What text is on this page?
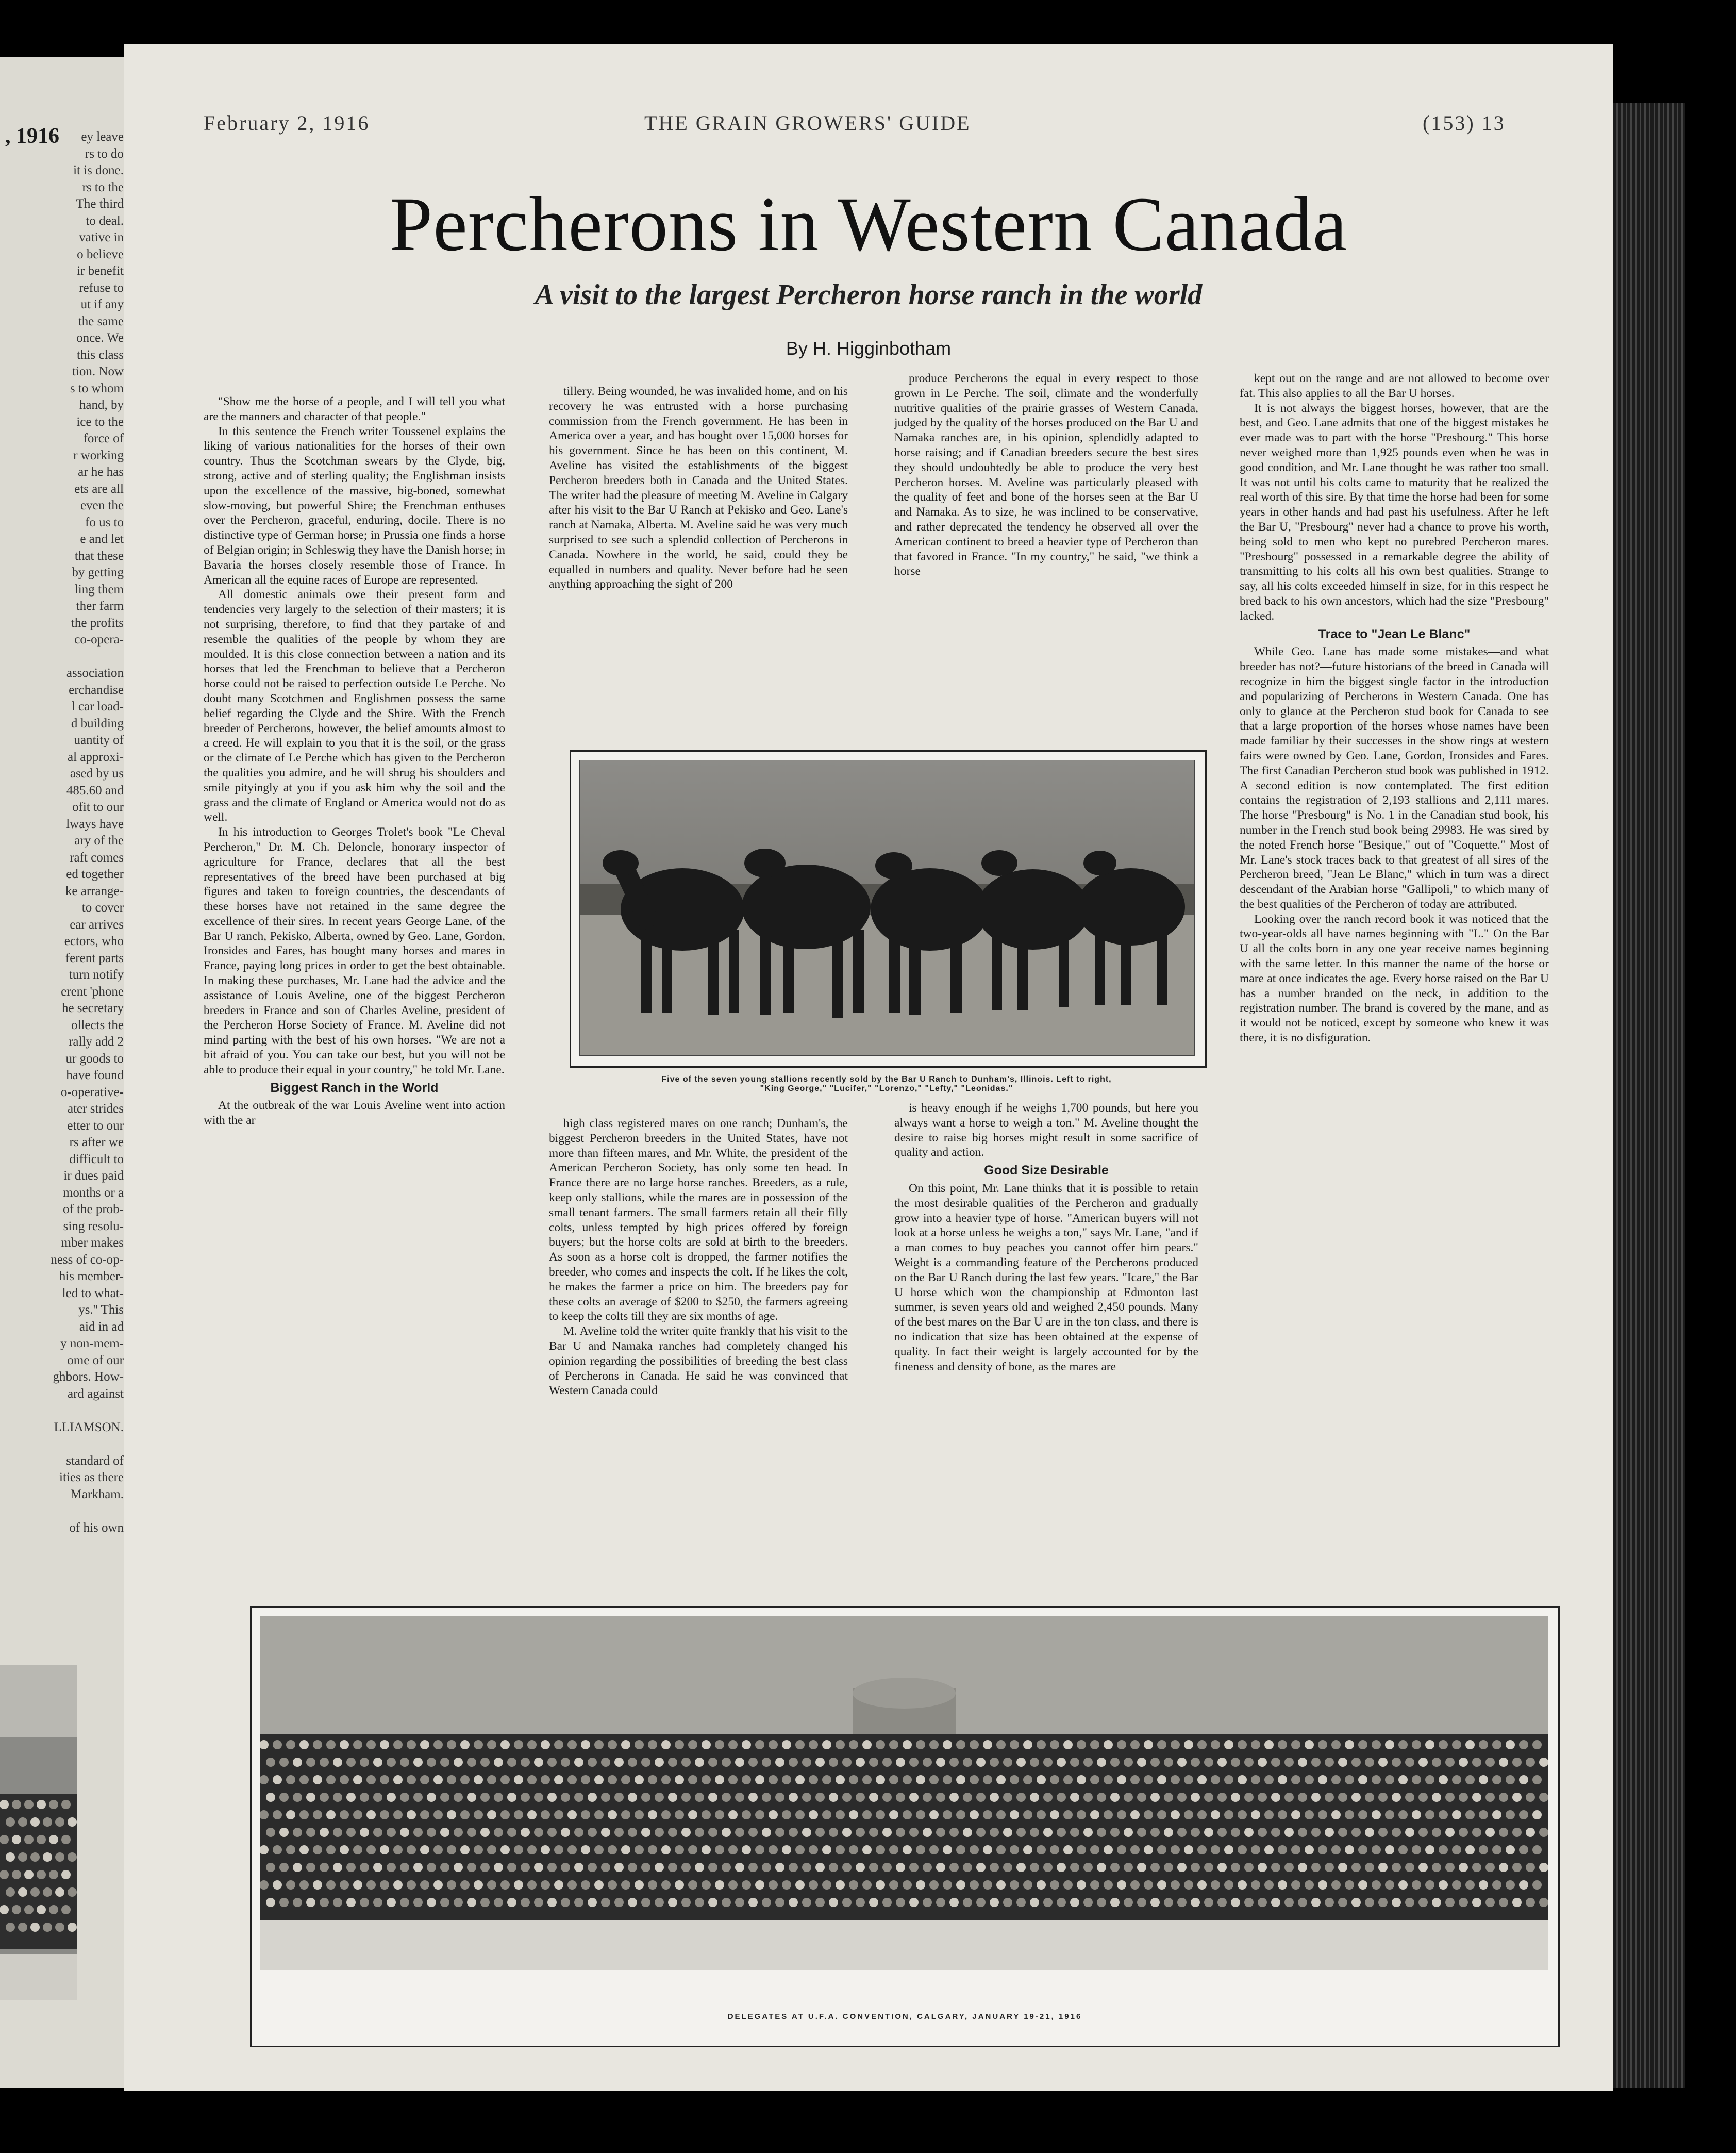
, 1916	ey leave
rs to do
it is done.
rs to the
The third
to deal.
vative in
o believe
ir benefit
refuse to
ut if any
the same
once. We
this class
tion. Now
s to whom
hand, by
ice to the
force of
r working
ar he has
ets are all
even the
fo us to
e and let
that these
by getting
ling them
ther farm
the profits
co-opera-
association
erchandise
l car load-
d building
uantity of
al approxi-
ased by us
485.60 and
ofit to our
lways have
ary of the
raft comes
ed together
ke arrange-
to cover
ear arrives
ectors, who
ferent parts
turn notify
erent 'phone
he secretary
ollects the
rally add 2
ur goods to
have found
o-operative-
ater strides
etter to our
rs after we
difficult to
ir dues paid
months or a
of the prob-
sing resolu-
mber makes
ness of co-op-
his member-
led to what-
ys.'' This
aid in ad
y non-mem-
ome of our
ghbors. How-
ard against
LLIAMSON.
standard of
ities as there
Markham.
of his own
February 2, 1916	THE GRAIN GROWERS' GUIDE	(153) 13
Percherons in Western Canada
A visit to the largest Percheron horse ranch in the world
By H. Higginbotham

"Show me the horse of a people, and I will tell you what are the manners and character of that people."

In this sentence the French writer Toussenel explains the liking of various nationalities for the horses of their own country. Thus the Scotchman swears by the Clyde, big, strong, active and of sterling quality; the Englishman insists upon the excellence of the massive, big-boned, somewhat slow-moving, but powerful Shire; the Frenchman enthuses over the Percheron, graceful, enduring, docile. There is no distinctive type of German horse; in Prussia one finds a horse of Belgian origin; in Schleswig they have the Danish horse; in Bavaria the horses closely resemble those of France. In American all the equine races of Europe are represented.

All domestic animals owe their present form and tendencies very largely to the selection of their masters; it is not surprising, therefore, to find that they partake of and resemble the qualities of the people by whom they are moulded. It is this close connection between a nation and its horses that led the Frenchman to believe that a Percheron horse could not be raised to perfection outside Le Perche. No doubt many Scotchmen and Englishmen possess the same belief regarding the Clyde and the Shire. With the French breeder of Percherons, however, the belief amounts almost to a creed. He will explain to you that it is the soil, or the grass or the climate of Le Perche which has given to the Percheron the qualities you admire, and he will shrug his shoulders and smile pityingly at you if you ask him why the soil and the grass and the climate of England or America would not do as well.

In his introduction to Georges Trolet's book "Le Cheval Percheron," Dr. M. Ch. Deloncle, honorary inspector of agriculture for France, declares that all the best representatives of the breed have been purchased at big figures and taken to foreign countries, the descendants of these horses have not retained in the same degree the excellence of their sires. In recent years George Lane, of the Bar U ranch, Pekisko, Alberta, owned by Geo. Lane, Gordon, Ironsides and Fares, has bought many horses and mares in France, paying long prices in order to get the best obtainable. In making these purchases, Mr. Lane had the advice and the assistance of Louis Aveline, one of the biggest Percheron breeders in France and son of Charles Aveline, president of the Percheron Horse Society of France. M. Aveline did not mind parting with the best of his own horses. "We are not a bit afraid of you. You can take our best, but you will not be able to produce their equal in your country," he told Mr. Lane.

Biggest Ranch in the World

At the outbreak of the war Louis Aveline went into action with the ar

tillery. Being wounded, he was invalided home, and on his recovery he was entrusted with a horse purchasing commission from the French government. He has been in America over a year, and has bought over 15,000 horses for his government. Since he has been on this continent, M. Aveline has visited the establishments of the biggest Percheron breeders both in Canada and the United States. The writer had the pleasure of meeting M. Aveline in Calgary after his visit to the Bar U Ranch at Pekisko and Geo. Lane's ranch at Namaka, Alberta. M. Aveline said he was very much surprised to see such a splendid collection of Percherons in Canada. Nowhere in the world, he said, could they be equalled in numbers and quality. Never before had he seen anything approaching the sight of 200

produce Percherons the equal in every respect to those grown in Le Perche. The soil, climate and the wonderfully nutritive qualities of the prairie grasses of Western Canada, judged by the quality of the horses produced on the Bar U and Namaka ranches are, in his opinion, splendidly adapted to horse raising; and if Canadian breeders secure the best sires they should undoubtedly be able to produce the very best Percheron horses. M. Aveline was particularly pleased with the quality of feet and bone of the horses seen at the Bar U and Namaka. As to size, he was inclined to be conservative, and rather deprecated the tendency he observed all over the American continent to breed a heavier type of Percheron than that favored in France. "In my country," he said, "we think a horse

Five of the seven young stallions recently sold by the Bar U Ranch to Dunham's, Illinois. Left to right,
"King George," "Lucifer," "Lorenzo," "Lefty," "Leonidas."

high class registered mares on one ranch; Dunham's, the biggest Percheron breeders in the United States, have not more than fifteen mares, and Mr. White, the president of the American Percheron Society, has only some ten head. In France there are no large horse ranches. Breeders, as a rule, keep only stallions, while the mares are in possession of the small tenant farmers. The small farmers retain all their filly colts, unless tempted by high prices offered by foreign buyers; but the horse colts are sold at birth to the breeders. As soon as a horse colt is dropped, the farmer notifies the breeder, who comes and inspects the colt. If he likes the colt, he makes the farmer a price on him. The breeders pay for these colts an average of $200 to $250, the farmers agreeing to keep the colts till they are six months of age.

M. Aveline told the writer quite frankly that his visit to the Bar U and Namaka ranches had completely changed his opinion regarding the possibilities of breeding the best class of Percherons in Canada. He said he was convinced that Western Canada could

is heavy enough if he weighs 1,700 pounds, but here you always want a horse to weigh a ton." M. Aveline thought the desire to raise big horses might result in some sacrifice of quality and action.

Good Size Desirable

On this point, Mr. Lane thinks that it is possible to retain the most desirable qualities of the Percheron and gradually grow into a heavier type of horse. "American buyers will not look at a horse unless he weighs a ton," says Mr. Lane, "and if a man comes to buy peaches you cannot offer him pears." Weight is a commanding feature of the Percherons produced on the Bar U Ranch during the last few years. "Icare," the Bar U horse which won the championship at Edmonton last summer, is seven years old and weighed 2,450 pounds. Many of the best mares on the Bar U are in the ton class, and there is no indication that size has been obtained at the expense of quality. In fact their weight is largely accounted for by the fineness and density of bone, as the mares are

kept out on the range and are not allowed to become over fat. This also applies to all the Bar U horses.

It is not always the biggest horses, however, that are the best, and Geo. Lane admits that one of the biggest mistakes he ever made was to part with the horse "Presbourg." This horse never weighed more than 1,925 pounds even when he was in good condition, and Mr. Lane thought he was rather too small. It was not until his colts came to maturity that he realized the real worth of this sire. By that time the horse had been for some years in other hands and had past his usefulness. After he left the Bar U, "Presbourg" never had a chance to prove his worth, being sold to men who kept no purebred Percheron mares. "Presbourg" possessed in a remarkable degree the ability of transmitting to his colts all his own best qualities. Strange to say, all his colts exceeded himself in size, for in this respect he bred back to his own ancestors, which had the size "Presbourg" lacked.

Trace to "Jean Le Blanc"

While Geo. Lane has made some mistakes—and what breeder has not?—future historians of the breed in Canada will recognize in him the biggest single factor in the introduction and popularizing of Percherons in Western Canada. One has only to glance at the Percheron stud book for Canada to see that a large proportion of the horses whose names have been made familiar by their successes in the show rings at western fairs were owned by Geo. Lane, Gordon, Ironsides and Fares. The first Canadian Percheron stud book was published in 1912. A second edition is now contemplated. The first edition contains the registration of 2,193 stallions and 2,111 mares. The horse "Presbourg" is No. 1 in the Canadian stud book, his number in the French stud book being 29983. He was sired by the noted French horse "Besique," out of "Coquette." Most of Mr. Lane's stock traces back to that greatest of all sires of the Percheron breed, "Jean Le Blanc," which in turn was a direct descendant of the Arabian horse "Gallipoli," to which many of the best qualities of the Percheron of today are attributed.

Looking over the ranch record book it was noticed that the two-year-olds all have names beginning with "L." On the Bar U all the colts born in any one year receive names beginning with the same letter. In this manner the name of the horse or mare at once indicates the age. Every horse raised on the Bar U has a number branded on the neck, in addition to the registration number. The brand is covered by the mane, and as it would not be noticed, except by someone who knew it was there, it is no disfiguration.

DELEGATES AT U.F.A. CONVENTION, CALGARY, JANUARY 19-21, 1916
